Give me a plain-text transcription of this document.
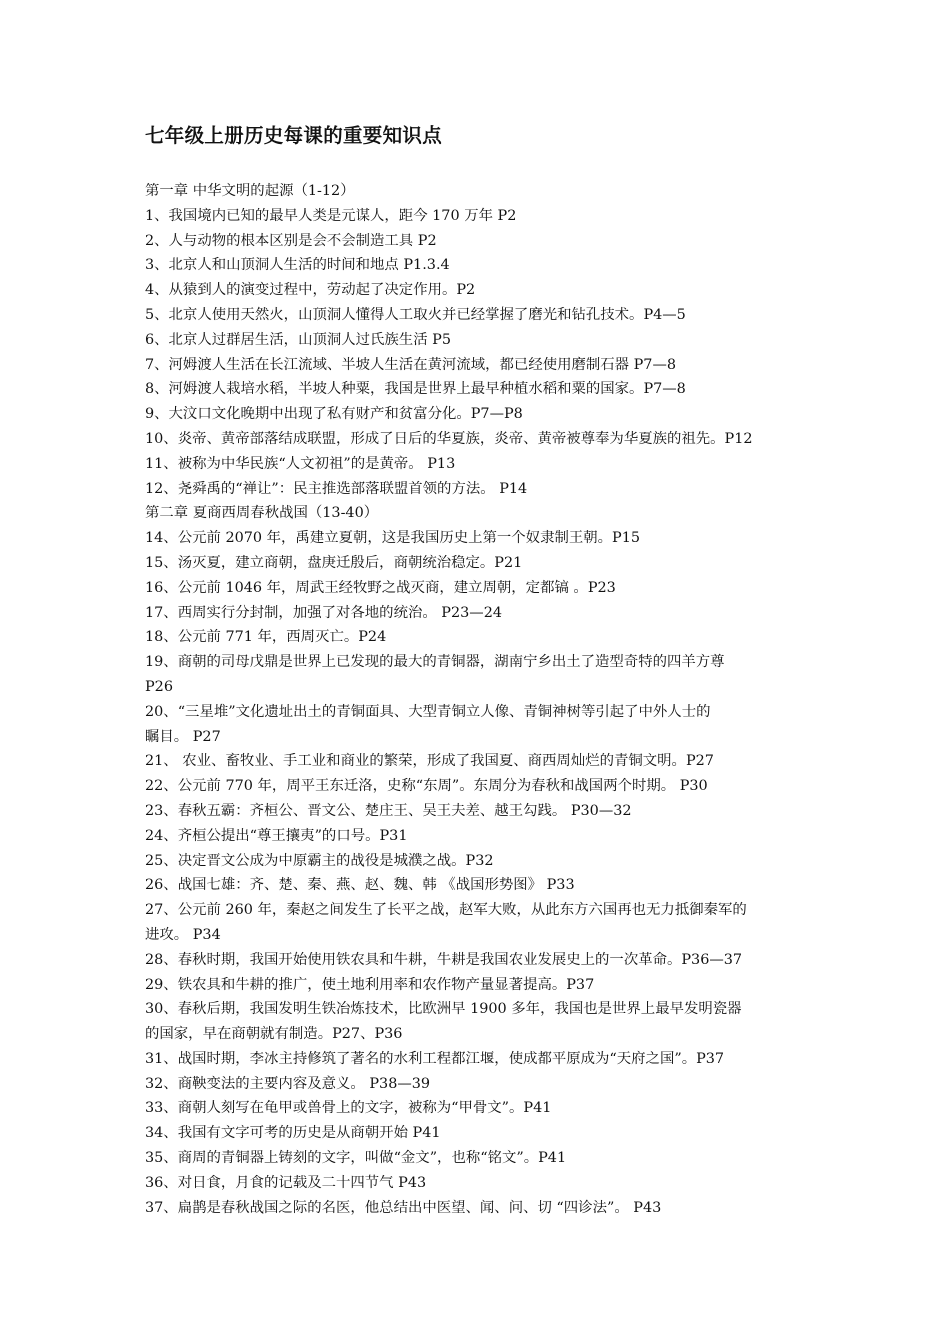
七年级上册历史每课的重要知识点
第一章 中华文明的起源（1-12）
1、我国境内已知的最早人类是元谋人，距今 170 万年 P2
2、人与动物的根本区别是会不会制造工具 P2
3、北京人和山顶洞人生活的时间和地点 P1.3.4
4、从猿到人的演变过程中，劳动起了决定作用。P2
5、北京人使用天然火，山顶洞人懂得人工取火并已经掌握了磨光和钻孔技术。P4—5
6、北京人过群居生活，山顶洞人过氏族生活 P5
7、河姆渡人生活在长江流域、半坡人生活在黄河流域，都已经使用磨制石器 P7—8
8、河姆渡人栽培水稻，半坡人种粟，我国是世界上最早种植水稻和粟的国家。P7—8
9、大汶口文化晚期中出现了私有财产和贫富分化。P7—P8
10、炎帝、黄帝部落结成联盟，形成了日后的华夏族，炎帝、黄帝被尊奉为华夏族的祖先。P12
11、被称为中华民族“人文初祖”的是黄帝。 P13
12、尧舜禹的“禅让”：民主推选部落联盟首领的方法。 P14
第二章 夏商西周春秋战国（13-40）
14、公元前 2070 年，禹建立夏朝，这是我国历史上第一个奴隶制王朝。P15
15、汤灭夏，建立商朝，盘庚迁殷后，商朝统治稳定。P21
16、公元前 1046 年，周武王经牧野之战灭商，建立周朝，定都镐 。P23
17、西周实行分封制，加强了对各地的统治。 P23—24
18、公元前 771 年，西周灭亡。P24
19、商朝的司母戊鼎是世界上已发现的最大的青铜器，湖南宁乡出土了造型奇特的四羊方尊
P26
20、“三星堆”文化遗址出土的青铜面具、大型青铜立人像、青铜神树等引起了中外人士的
瞩目。 P27
21、 农业、畜牧业、手工业和商业的繁荣，形成了我国夏、商西周灿烂的青铜文明。P27
22、公元前 770 年，周平王东迁洛，史称“东周”。东周分为春秋和战国两个时期。 P30
23、春秋五霸：齐桓公、晋文公、楚庄王、吴王夫差、越王勾践。 P30—32
24、齐桓公提出“尊王攘夷”的口号。P31
25、决定晋文公成为中原霸主的战役是城濮之战。P32
26、战国七雄：齐、楚、秦、燕、赵、魏、韩 《战国形势图》 P33
27、公元前 260 年，秦赵之间发生了长平之战，赵军大败，从此东方六国再也无力抵御秦军的
进攻。 P34
28、春秋时期，我国开始使用铁农具和牛耕，牛耕是我国农业发展史上的一次革命。P36—37
29、铁农具和牛耕的推广，使土地利用率和农作物产量显著提高。P37
30、春秋后期，我国发明生铁冶炼技术，比欧洲早 1900 多年，我国也是世界上最早发明瓷器
的国家，早在商朝就有制造。P27、P36
31、战国时期，李冰主持修筑了著名的水利工程都江堰，使成都平原成为“天府之国”。P37
32、商鞅变法的主要内容及意义。 P38—39
33、商朝人刻写在龟甲或兽骨上的文字，被称为“甲骨文”。P41
34、我国有文字可考的历史是从商朝开始 P41
35、商周的青铜器上铸刻的文字，叫做“金文”，也称“铭文”。P41
36、对日食，月食的记载及二十四节气 P43
37、扁鹊是春秋战国之际的名医，他总结出中医望、闻、问、切 “四诊法”。 P43
